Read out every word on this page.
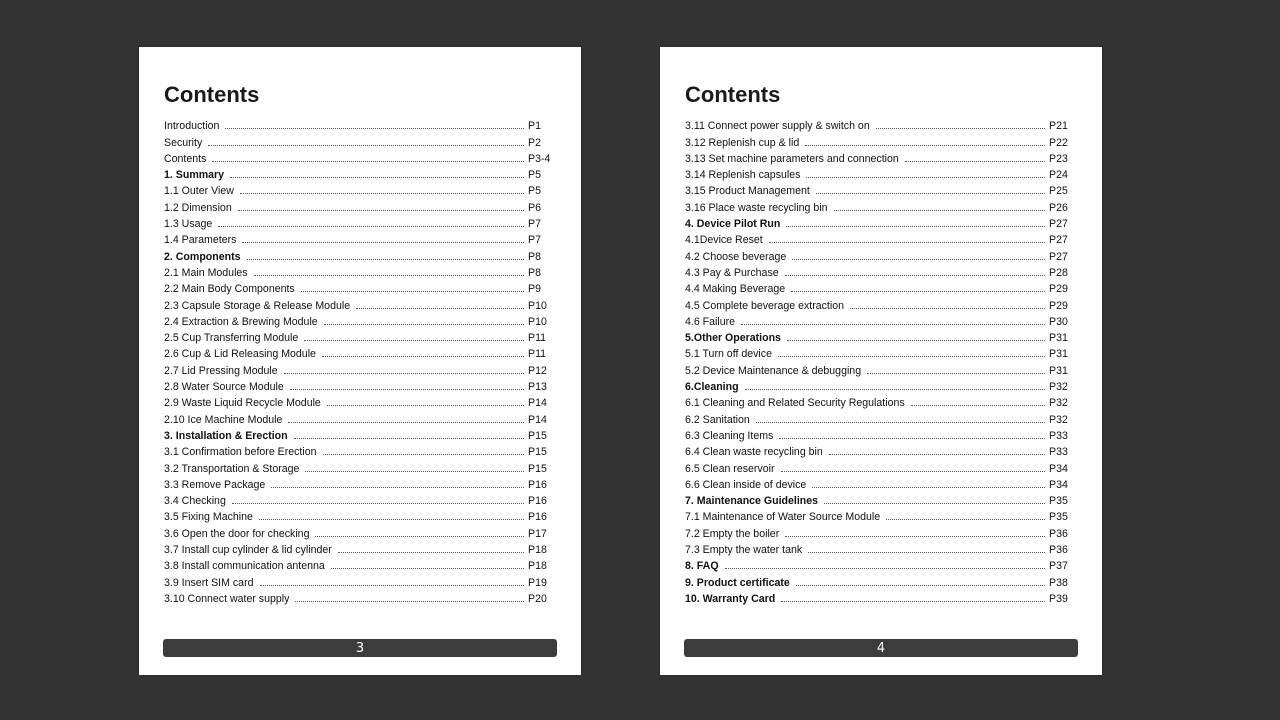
Contents
Introduction	P1
Security	P2
Contents	P3-4
1. Summary	P5
1.1 Outer View	P5
1.2 Dimension	P6
1.3 Usage	P7
1.4 Parameters	P7
2. Components	P8
2.1 Main Modules	P8
2.2 Main Body Components	P9
2.3 Capsule Storage & Release Module	P10
2.4 Extraction & Brewing Module	P10
2.5 Cup Transferring Module	P11
2.6 Cup & Lid Releasing Module	P11
2.7 Lid Pressing Module	P12
2.8 Water Source Module	P13
2.9 Waste Liquid Recycle Module	P14
2.10 Ice Machine Module	P14
3. Installation & Erection	P15
3.1 Confirmation before Erection	P15
3.2 Transportation & Storage	P15
3.3 Remove Package	P16
3.4 Checking	P16
3.5 Fixing Machine	P16
3.6 Open the door for checking	P17
3.7 Install cup cylinder & lid cylinder	P18
3.8 Install communication antenna	P18
3.9 Insert SIM card	P19
3.10 Connect water supply	P20
3
Contents
3.11 Connect power supply & switch on	P21
3.12 Replenish cup & lid	P22
3.13 Set machine parameters and connection	P23
3.14 Replenish capsules	P24
3.15 Product Management	P25
3.16 Place waste recycling bin	P26
4. Device Pilot Run	P27
4.1Device Reset	P27
4.2 Choose beverage	P27
4.3 Pay & Purchase	P28
4.4 Making Beverage	P29
4.5 Complete beverage extraction	P29
4.6 Failure	P30
5.Other Operations	P31
5.1 Turn off device	P31
5.2 Device Maintenance & debugging	P31
6.Cleaning	P32
6.1 Cleaning and Related Security Regulations	P32
6.2 Sanitation	P32
6.3 Cleaning Items	P33
6.4 Clean waste recycling bin	P33
6.5 Clean reservoir	P34
6.6 Clean inside of device	P34
7. Maintenance Guidelines	P35
7.1 Maintenance of Water Source Module	P35
7.2 Empty the boiler	P36
7.3 Empty the water tank	P36
8. FAQ	P37
9. Product certificate	P38
10. Warranty Card	P39
4
